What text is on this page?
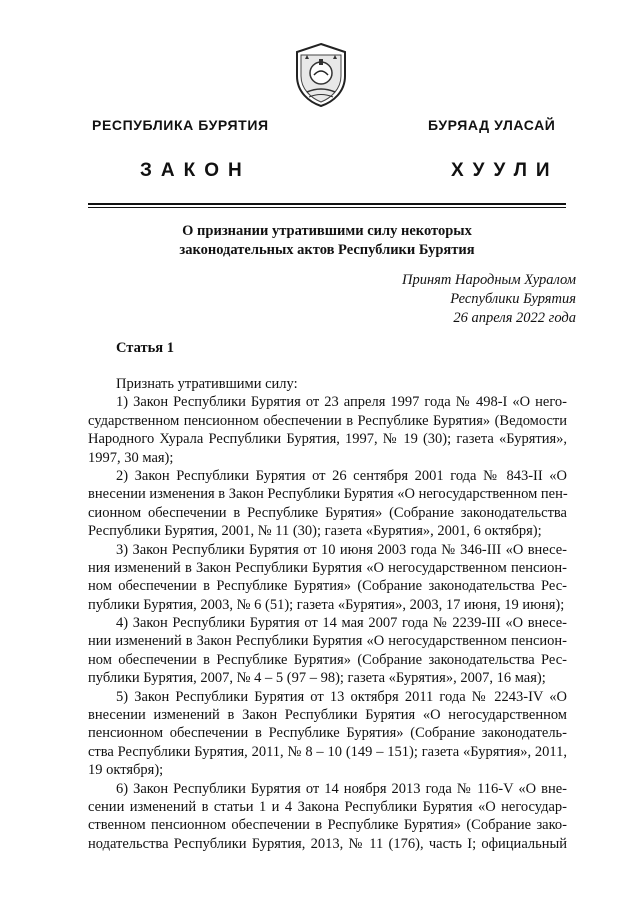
РЕСПУБЛИКА БУРЯТИЯ	БУРЯАД УЛАСАЙ
ЗАКОН	ХУУЛИ
О признании утратившими силу некоторых
законодательных актов Республики Бурятия
Принят Народным Хуралом
Республики Бурятия
26 апреля 2022 года
Статья 1
Признать утратившими силу:
1) Закон Республики Бурятия от 23 апреля 1997 года № 498-I «О него-
сударственном пенсионном обеспечении в Республике Бурятия» (Ведомости
Народного Хурала Республики Бурятия, 1997, № 19 (30); газета «Бурятия»,
1997, 30 мая);
2) Закон Республики Бурятия от 26 сентября 2001 года № 843-II «О
внесении изменения в Закон Республики Бурятия «О негосударственном пен-
сионном обеспечении в Республике Бурятия» (Собрание законодательства
Республики Бурятия, 2001, № 11 (30); газета «Бурятия», 2001, 6 октября);
3) Закон Республики Бурятия от 10 июня 2003 года № 346-III «О внесе-
ния изменений в Закон Республики Бурятия «О негосударственном пенсион-
ном обеспечении в Республике Бурятия» (Собрание законодательства Рес-
публики Бурятия, 2003, № 6 (51); газета «Бурятия», 2003, 17 июня, 19 июня);
4) Закон Республики Бурятия от 14 мая 2007 года № 2239-III «О внесе-
нии изменений в Закон Республики Бурятия «О негосударственном пенсион-
ном обеспечении в Республике Бурятия» (Собрание законодательства Рес-
публики Бурятия, 2007, № 4 – 5 (97 – 98); газета «Бурятия», 2007, 16 мая);
5) Закон Республики Бурятия от 13 октября 2011 года № 2243-IV «О
внесении изменений в Закон Республики Бурятия «О негосударственном
пенсионном обеспечении в Республике Бурятия» (Собрание законодатель-
ства Республики Бурятия, 2011, № 8 – 10 (149 – 151); газета «Бурятия», 2011,
19 октября);
6) Закон Республики Бурятия от 14 ноября 2013 года № 116-V «О вне-
сении изменений в статьи 1 и 4 Закона Республики Бурятия «О негосудар-
ственном пенсионном обеспечении в Республике Бурятия» (Собрание зако-
нодательства Республики Бурятия, 2013, № 11 (176), часть I; официальный
